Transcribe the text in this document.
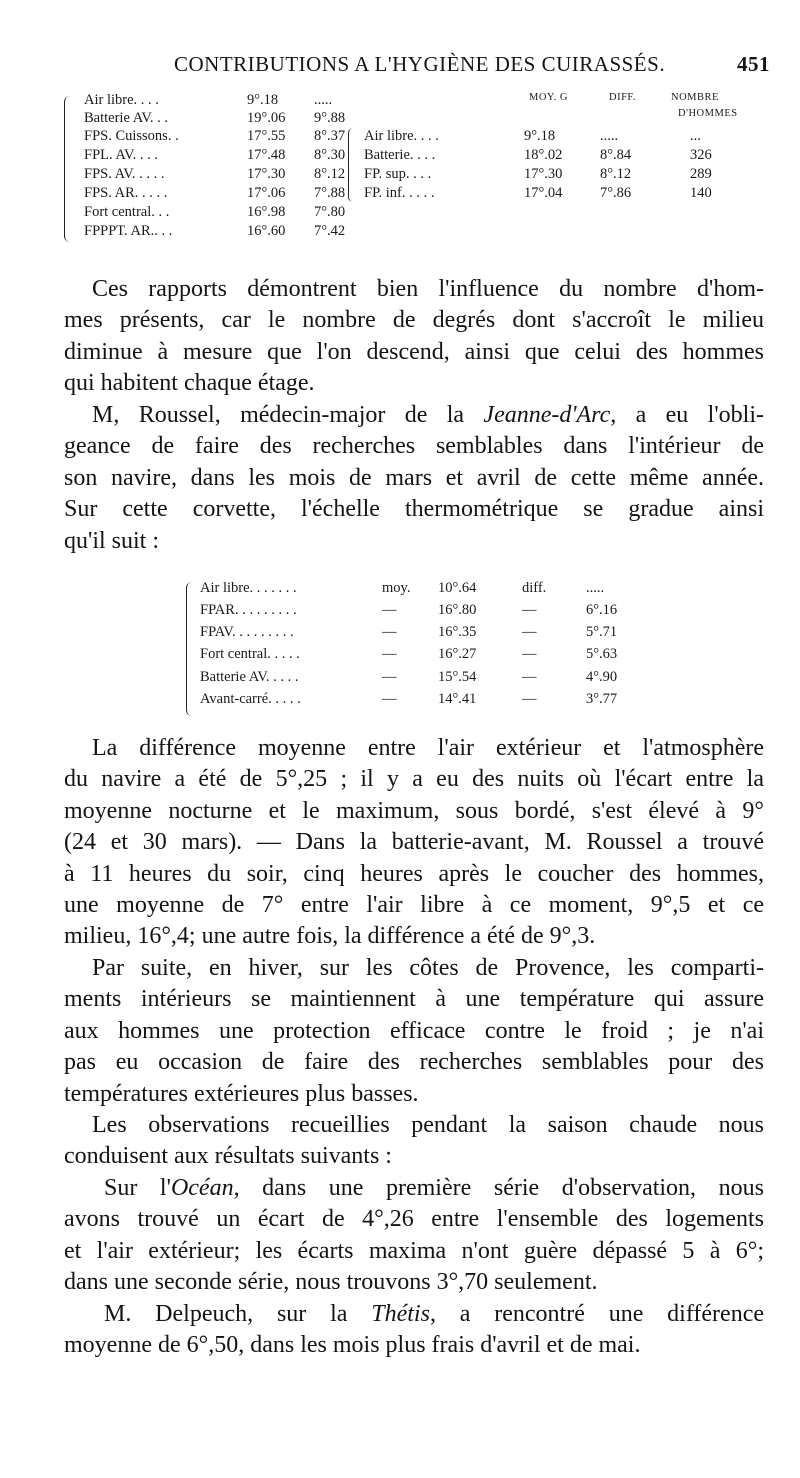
CONTRIBUTIONS A L'HYGIÈNE DES CUIRASSÉS.	451
Air libre. . . .	9°.18	.....
Batterie AV. . .	19°.06	9°.88
FPS. Cuissons. .	17°.55	8°.37
FPL. AV. . . .	17°.48	8°.30
FPS. AV. . . . .	17°.30	8°.12
FPS. AR. . . . .	17°.06	7°.88
Fort central. . .	16°.98	7°.80
FPPPT. AR.. . .	16°.60	7°.42
MOY. G	DIFF.	NOMBRE
D'HOMMES
Air libre. . . .	9°.18	.....	...
Batterie. . . .	18°.02	8°.84	326
FP. sup. . . .	17°.30	8°.12	289
FP. inf. . . . .	17°.04	7°.86	140
Ces rapports démontrent bien l'influence du nombre d'hom-
mes présents, car le nombre de degrés dont s'accroît le milieu
diminue à mesure que l'on descend, ainsi que celui des hommes
qui habitent chaque étage.
M, Roussel, médecin-major de la Jeanne-d'Arc, a eu l'obli-
geance de faire des recherches semblables dans l'intérieur de
son navire, dans les mois de mars et avril de cette même année.
Sur cette corvette, l'échelle thermométrique se gradue ainsi
qu'il suit :
Air libre. . . . . . .	moy.	10°.64	diff.	.....
FPAR. . . . . . . . .	—	16°.80	—	6°.16
FPAV. . . . . . . . .	—	16°.35	—	5°.71
Fort central. . . . .	—	16°.27	—	5°.63
Batterie AV. . . . .	—	15°.54	—	4°.90
Avant-carré. . . . .	—	14°.41	—	3°.77
La différence moyenne entre l'air extérieur et l'atmosphère
du navire a été de 5°,25 ; il y a eu des nuits où l'écart entre la
moyenne nocturne et le maximum, sous bordé, s'est élevé à 9°
(24 et 30 mars). — Dans la batterie-avant, M. Roussel a trouvé
à 11 heures du soir, cinq heures après le coucher des hommes,
une moyenne de 7° entre l'air libre à ce moment, 9°,5 et ce
milieu, 16°,4; une autre fois, la différence a été de 9°,3.
Par suite, en hiver, sur les côtes de Provence, les comparti-
ments intérieurs se maintiennent à une température qui assure
aux hommes une protection efficace contre le froid ; je n'ai
pas eu occasion de faire des recherches semblables pour des
températures extérieures plus basses.
Les observations recueillies pendant la saison chaude nous
conduisent aux résultats suivants :
Sur l'Océan, dans une première série d'observation, nous
avons trouvé un écart de 4°,26 entre l'ensemble des logements
et l'air extérieur; les écarts maxima n'ont guère dépassé 5 à 6°;
dans une seconde série, nous trouvons 3°,70 seulement.
M. Delpeuch, sur la Thétis, a rencontré une différence
moyenne de 6°,50, dans les mois plus frais d'avril et de mai.
